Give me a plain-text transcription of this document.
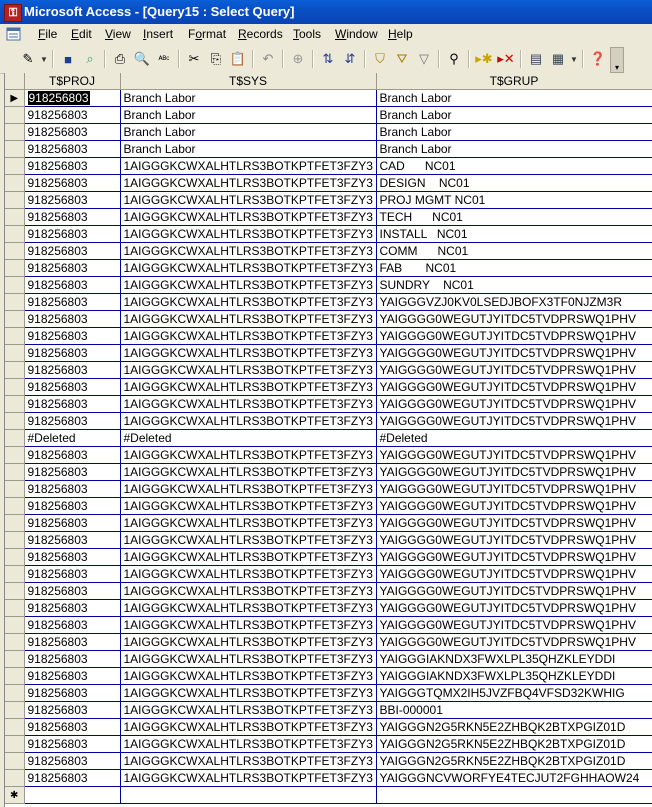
⚿ Microsoft Access - [Query15 : Select Query]
File Edit View Insert Format Records Tools Window Help
✎ ▼	■	⌕	⎙ 🔍 ᴬᴮᶜ	✂ ⎘ 📋	↶	⊕	⇅ ⇵	⛉ ⛛ ▽	⚲	▸✱ ▸✕ ▤ ▦ ▼ ❓
▾
	T$PROJ	T$SYS	T$GRUP
▶	918256803	Branch Labor	Branch Labor
	918256803	Branch Labor	Branch Labor
	918256803	Branch Labor	Branch Labor
	918256803	Branch Labor	Branch Labor
	918256803	1AIGGGKCWXALHTLRS3BOTKPTFET3FZY3	CAD      NC01
	918256803	1AIGGGKCWXALHTLRS3BOTKPTFET3FZY3	DESIGN    NC01
	918256803	1AIGGGKCWXALHTLRS3BOTKPTFET3FZY3	PROJ MGMT NC01
	918256803	1AIGGGKCWXALHTLRS3BOTKPTFET3FZY3	TECH      NC01
	918256803	1AIGGGKCWXALHTLRS3BOTKPTFET3FZY3	INSTALL   NC01
	918256803	1AIGGGKCWXALHTLRS3BOTKPTFET3FZY3	COMM      NC01
	918256803	1AIGGGKCWXALHTLRS3BOTKPTFET3FZY3	FAB       NC01
	918256803	1AIGGGKCWXALHTLRS3BOTKPTFET3FZY3	SUNDRY    NC01
	918256803	1AIGGGKCWXALHTLRS3BOTKPTFET3FZY3	YAIGGGVZJ0KV0LSEDJBOFX3TF0NJZM3R
	918256803	1AIGGGKCWXALHTLRS3BOTKPTFET3FZY3	YAIGGGG0WEGUTJYITDC5TVDPRSWQ1PHV
	918256803	1AIGGGKCWXALHTLRS3BOTKPTFET3FZY3	YAIGGGG0WEGUTJYITDC5TVDPRSWQ1PHV
	918256803	1AIGGGKCWXALHTLRS3BOTKPTFET3FZY3	YAIGGGG0WEGUTJYITDC5TVDPRSWQ1PHV
	918256803	1AIGGGKCWXALHTLRS3BOTKPTFET3FZY3	YAIGGGG0WEGUTJYITDC5TVDPRSWQ1PHV
	918256803	1AIGGGKCWXALHTLRS3BOTKPTFET3FZY3	YAIGGGG0WEGUTJYITDC5TVDPRSWQ1PHV
	918256803	1AIGGGKCWXALHTLRS3BOTKPTFET3FZY3	YAIGGGG0WEGUTJYITDC5TVDPRSWQ1PHV
	918256803	1AIGGGKCWXALHTLRS3BOTKPTFET3FZY3	YAIGGGG0WEGUTJYITDC5TVDPRSWQ1PHV
	#Deleted	#Deleted	#Deleted
	918256803	1AIGGGKCWXALHTLRS3BOTKPTFET3FZY3	YAIGGGG0WEGUTJYITDC5TVDPRSWQ1PHV
	918256803	1AIGGGKCWXALHTLRS3BOTKPTFET3FZY3	YAIGGGG0WEGUTJYITDC5TVDPRSWQ1PHV
	918256803	1AIGGGKCWXALHTLRS3BOTKPTFET3FZY3	YAIGGGG0WEGUTJYITDC5TVDPRSWQ1PHV
	918256803	1AIGGGKCWXALHTLRS3BOTKPTFET3FZY3	YAIGGGG0WEGUTJYITDC5TVDPRSWQ1PHV
	918256803	1AIGGGKCWXALHTLRS3BOTKPTFET3FZY3	YAIGGGG0WEGUTJYITDC5TVDPRSWQ1PHV
	918256803	1AIGGGKCWXALHTLRS3BOTKPTFET3FZY3	YAIGGGG0WEGUTJYITDC5TVDPRSWQ1PHV
	918256803	1AIGGGKCWXALHTLRS3BOTKPTFET3FZY3	YAIGGGG0WEGUTJYITDC5TVDPRSWQ1PHV
	918256803	1AIGGGKCWXALHTLRS3BOTKPTFET3FZY3	YAIGGGG0WEGUTJYITDC5TVDPRSWQ1PHV
	918256803	1AIGGGKCWXALHTLRS3BOTKPTFET3FZY3	YAIGGGG0WEGUTJYITDC5TVDPRSWQ1PHV
	918256803	1AIGGGKCWXALHTLRS3BOTKPTFET3FZY3	YAIGGGG0WEGUTJYITDC5TVDPRSWQ1PHV
	918256803	1AIGGGKCWXALHTLRS3BOTKPTFET3FZY3	YAIGGGG0WEGUTJYITDC5TVDPRSWQ1PHV
	918256803	1AIGGGKCWXALHTLRS3BOTKPTFET3FZY3	YAIGGGG0WEGUTJYITDC5TVDPRSWQ1PHV
	918256803	1AIGGGKCWXALHTLRS3BOTKPTFET3FZY3	YAIGGGIAKNDX3FWXLPL35QHZKLEYDDI
	918256803	1AIGGGKCWXALHTLRS3BOTKPTFET3FZY3	YAIGGGIAKNDX3FWXLPL35QHZKLEYDDI
	918256803	1AIGGGKCWXALHTLRS3BOTKPTFET3FZY3	YAIGGGTQMX2IH5JVZFBQ4VFSD32KWHIG
	918256803	1AIGGGKCWXALHTLRS3BOTKPTFET3FZY3	BBI-000001
	918256803	1AIGGGKCWXALHTLRS3BOTKPTFET3FZY3	YAIGGGN2G5RKN5E2ZHBQK2BTXPGIZ01D
	918256803	1AIGGGKCWXALHTLRS3BOTKPTFET3FZY3	YAIGGGN2G5RKN5E2ZHBQK2BTXPGIZ01D
	918256803	1AIGGGKCWXALHTLRS3BOTKPTFET3FZY3	YAIGGGN2G5RKN5E2ZHBQK2BTXPGIZ01D
	918256803	1AIGGGKCWXALHTLRS3BOTKPTFET3FZY3	YAIGGGNCVWORFYE4TECJUT2FGHHAOW24
✱			
